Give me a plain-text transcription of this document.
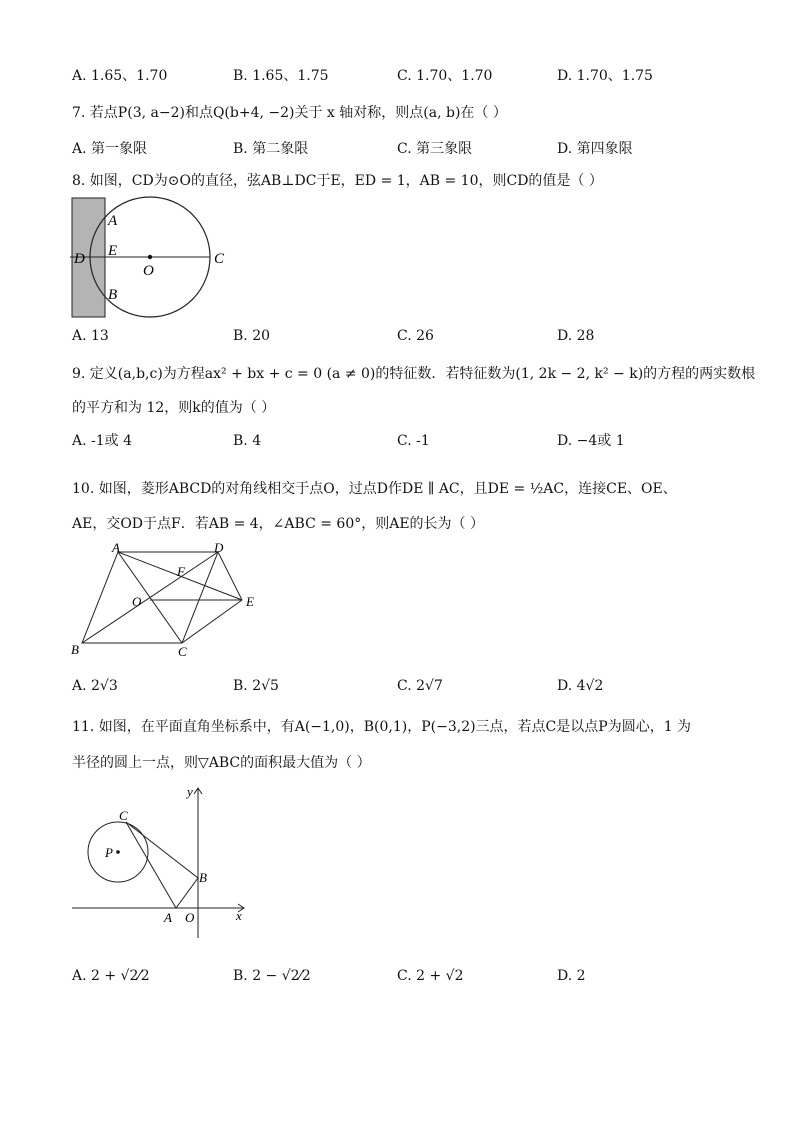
A. 1.65、1.70	B. 1.65、1.75	C. 1.70、1.70	D. 1.70、1.75
7. 若点P(3, a−2)和点Q(b+4, −2)关于 x 轴对称，则点(a, b)在（ ）
A. 第一象限	B. 第二象限	C. 第三象限	D. 第四象限
8. 如图，CD为⊙O的直径，弦AB⊥DC于E，ED = 1，AB = 10，则CD的值是（ ）
A
E
B
D	C
O
A. 13	B. 20	C. 26	D. 28
9. 定义(a,b,c)为方程ax² + bx + c = 0 (a ≠ 0)的特征数．若特征数为(1, 2k − 2, k² − k)的方程的两实数根
的平方和为 12，则k的值为（ ）
A. -1或 4	B. 4	C. -1	D. −4或 1
10. 如图，菱形ABCD的对角线相交于点O，过点D作DE ∥ AC，且DE = ½AC，连接CE、OE、
AE，交OD于点F．若AB = 4，∠ABC = 60°，则AE的长为（ ）
A	D
F
O	E
B	C
A. 2√3	B. 2√5	C. 2√7	D. 4√2
11. 如图，在平面直角坐标系中，有A(−1,0)，B(0,1)，P(−3,2)三点，若点C是以点P为圆心，1 为
半径的圆上一点，则▽ABC的面积最大值为（ ）
y
x
C
P
B
A O
A. 2 + √2⁄2	B. 2 − √2⁄2	C. 2 + √2	D. 2
